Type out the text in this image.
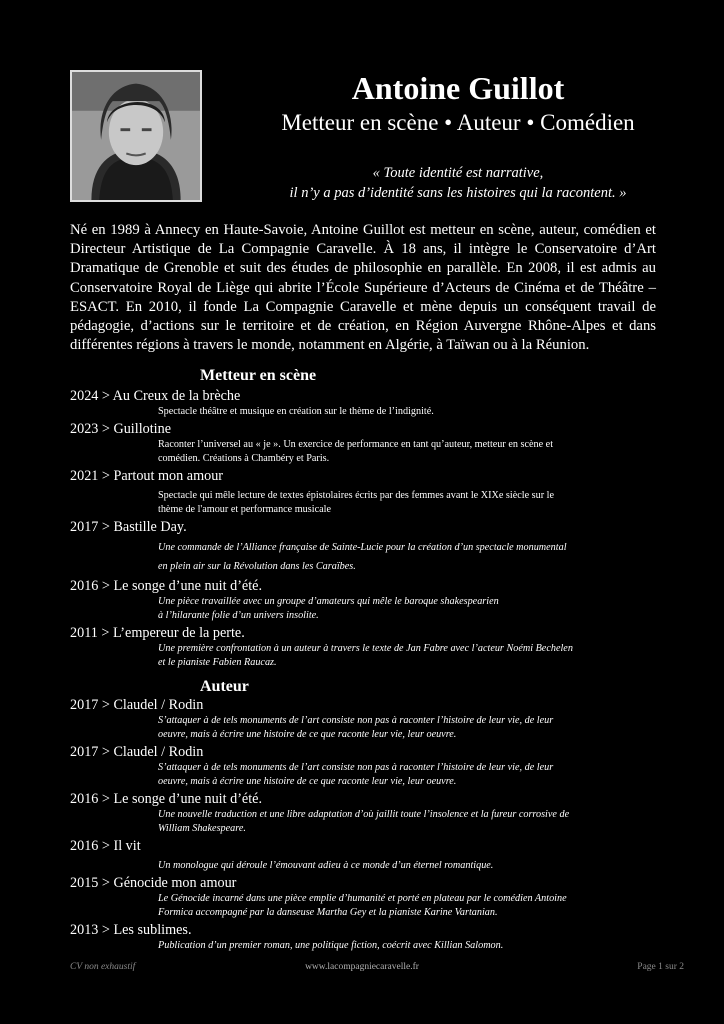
Antoine Guillot
Metteur en scène • Auteur • Comédien
« Toute identité est narrative,
il n’y a pas d’identité sans les histoires qui la racontent. »
Né en 1989 à Annecy en Haute-Savoie, Antoine Guillot est metteur en scène, auteur, comédien et Directeur Artistique de La Compagnie Caravelle. À 18 ans, il intègre le Conservatoire d’Art Dramatique de Grenoble et suit des études de philosophie en parallèle. En 2008, il est admis au Conservatoire Royal de Liège qui abrite l’École Supérieure d’Acteurs de Cinéma et de Théâtre – ESACT. En 2010, il fonde La Compagnie Caravelle et mène depuis un conséquent travail de pédagogie, d’actions sur le territoire et de création, en Région Auvergne Rhône-Alpes et dans différentes régions à travers le monde, notamment en Algérie, à Taïwan ou à la Réunion.
Metteur en scène
2024 > Au Creux de la brèche
Spectacle théâtre et musique en création sur le thème de l’indignité.
2023 > Guillotine
Raconter l’universel au « je ». Un exercice de performance en tant qu’auteur, metteur en scène et
comédien. Créations à Chambéry et Paris.
2021 > Partout mon amour
Spectacle qui mêle lecture de textes épistolaires écrits par des femmes avant le XIXe siècle sur le
thème de l'amour et performance musicale
2017 > Bastille Day.
Une commande de l’Alliance française de Sainte-Lucie pour la création d’un spectacle monumental
en plein air sur la Révolution dans les Caraïbes.
2016 > Le songe d’une nuit d’été.
Une pièce travaillée avec un groupe d’amateurs qui mêle le baroque shakespearien
à l’hilarante folie d’un univers insolite.
2011 > L’empereur de la perte.
Une première confrontation à un auteur à travers le texte de Jan Fabre avec l’acteur Noémi Bechelen
et le pianiste Fabien Raucaz.
Auteur
2017 > Claudel / Rodin
S’attaquer à de tels monuments de l’art consiste non pas à raconter l’histoire de leur vie, de leur
oeuvre, mais à écrire une histoire de ce que raconte leur vie, leur oeuvre.
2017 > Claudel / Rodin
S’attaquer à de tels monuments de l’art consiste non pas à raconter l’histoire de leur vie, de leur
oeuvre, mais à écrire une histoire de ce que raconte leur vie, leur oeuvre.
2016 > Le songe d’une nuit d’été.
Une nouvelle traduction et une libre adaptation d’où jaillit toute l’insolence et la fureur corrosive de
William Shakespeare.
2016 > Il vit
Un monologue qui déroule l’émouvant adieu à ce monde d’un éternel romantique.
2015 > Génocide mon amour
Le Génocide incarné dans une pièce emplie d’humanité et porté en plateau par le comédien Antoine
Formica accompagné par la danseuse Martha Gey et la pianiste Karine Vartanian.
2013 > Les sublimes.
Publication d’un premier roman, une politique fiction, coécrit avec Killian Salomon.
CV non exhaustif	www.lacompagniecaravelle.fr	Page 1 sur 2
